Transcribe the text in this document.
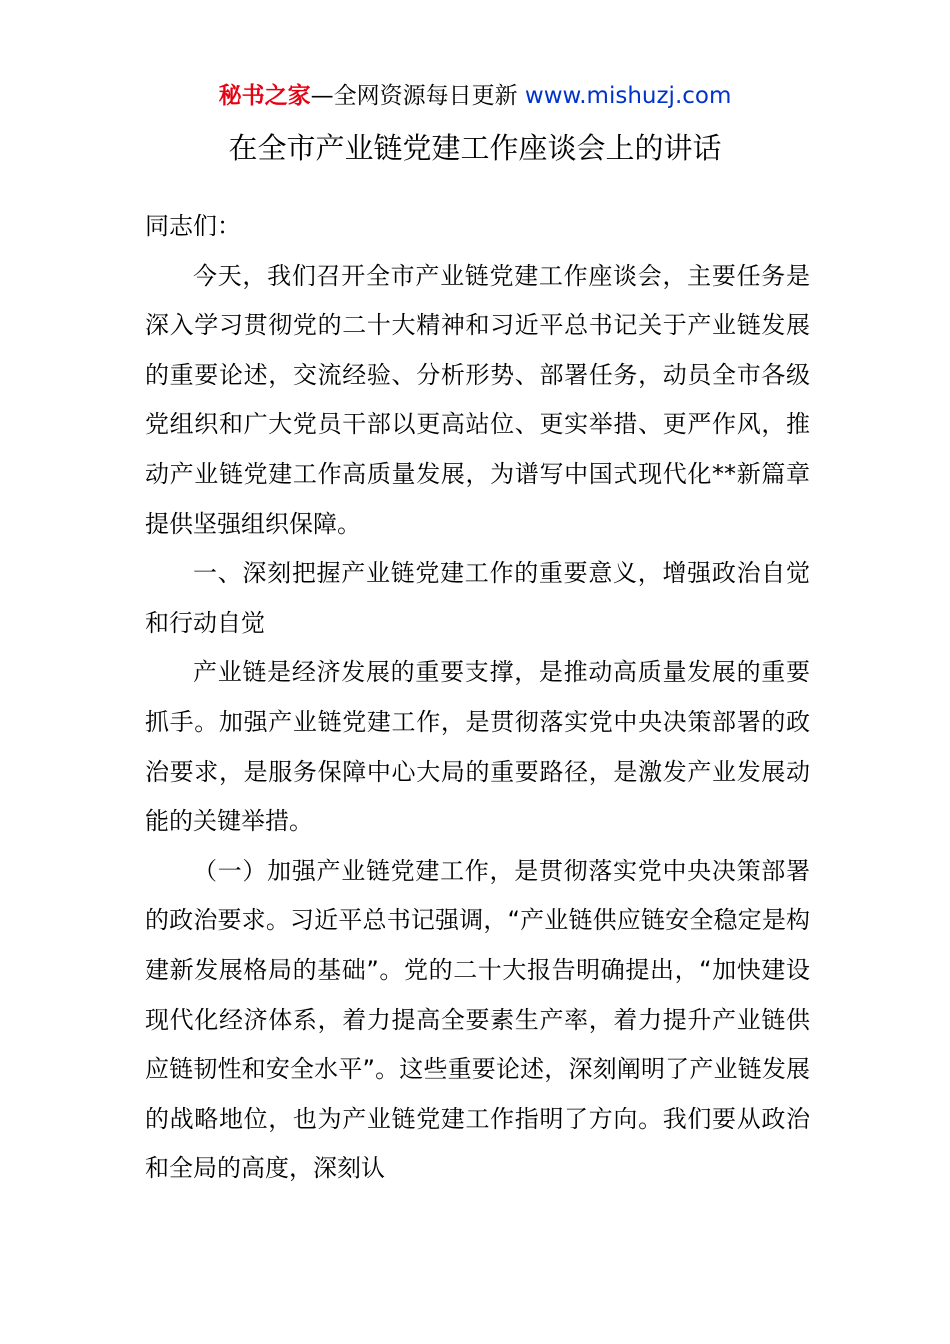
秘书之家—全网资源每日更新 www.mishuzj.com
在全市产业链党建工作座谈会上的讲话

同志们：

今天，我们召开全市产业链党建工作座谈会，主要任务是深入学习贯彻党的二十大精神和习近平总书记关于产业链发展的重要论述，交流经验、分析形势、部署任务，动员全市各级党组织和广大党员干部以更高站位、更实举措、更严作风，推动产业链党建工作高质量发展，为谱写中国式现代化**新篇章提供坚强组织保障。

一、深刻把握产业链党建工作的重要意义，增强政治自觉和行动自觉

产业链是经济发展的重要支撑，是推动高质量发展的重要抓手。加强产业链党建工作，是贯彻落实党中央决策部署的政治要求，是服务保障中心大局的重要路径，是激发产业发展动能的关键举措。

（一）加强产业链党建工作，是贯彻落实党中央决策部署的政治要求。习近平总书记强调，“产业链供应链安全稳定是构建新发展格局的基础”。党的二十大报告明确提出，“加快建设现代化经济体系，着力提高全要素生产率，着力提升产业链供应链韧性和安全水平”。这些重要论述，深刻阐明了产业链发展的战略地位，也为产业链党建工作指明了方向。我们要从政治和全局的高度，深刻认
